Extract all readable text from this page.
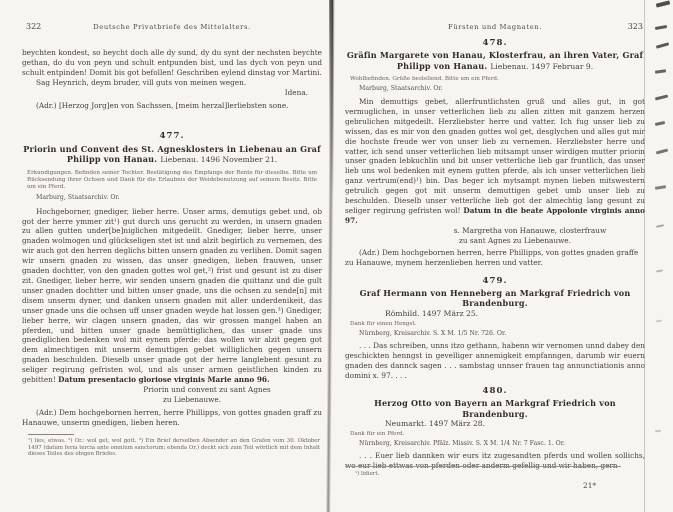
322	Deutsche Privatbriefe des Mittelalters.

beychten kondest, so beycht doch alle dy sund, dy du synt der nechsten beychte gethan, do du von peyn und schult entpunden bist, und las dych von peyn und schult entpinden! Domit bis got befollen! Geschriben eylend dinstag vor Martini.

Sag Heynrich, deym bruder, vill guts von meinen wegen.

Idena.

(Adr.) [Herzog Jorg]en von Sachssen, [meim herzal]lerliebsten sone.

477.

Priorin und Convent des St. Agnesklosters in Liebenau an Graf Philipp von Hanau. Liebenau. 1496 November 21.

Erkundigungen. Befinden seiner Tochter. Bestätigung des Empfangs der Rente für dieselbe. Bitte um Rücksendung ihrer Ochsen und Dank für die Erlaubnis der Weidebenutzung auf seinem Besitz. Bitte um ein Pferd.

Marburg, Staatsarchiv. Or.

Hochgeborner, gnediger, lieber herre. Unser arms, demutigs gebet und, ob got der herre ymmer zit¹) gut durch uns gerucht zu werden, in unsern gnaden zu allen gutten under[be]niglichen mitgedeilt. Gnediger, lieber herre, unser gnaden wolmogen und glückseligen stet ist und alzit begirlich zu vernemen, des wir auch got den herren deglichs bitten unsern gnaden zu verlihen. Domit sagen wir unsern gnaden zu wissen, das unser gnedigen, lieben frauwen, unser gnaden dochtter, von den gnaden gottes wol get,²) frist und gesunt ist zu diser zit. Gnediger, lieber herre, wir senden unsern gnaden die quittanz und die gult unser gnaden dochtter und bitten unser gnade, uns die ochsen zu sende[n] mit disem unserm dyner, und danken unsern gnaden mit aller underdenikeit, das unser gnade uns die ochsen uff unser gnaden weyde hat lossen gen.³) Gnediger, lieber herre, wir clagen unsern gnaden, das wir grossen mangel haben an pferden, und bitten unser gnade bemüttiglichen, das unser gnade uns gnediglichen bedenken wol mit eynem pferde: das wollen wir alzit gegen got dem almechtigen mit unserm demuttigen gebet williglichen gegen unsern gnaden beschulden. Dieselb unser gnade got der herre langlebent gesunt zu seliger regirung gefristen wol, und als unser armen geistlichen kinden zu gebitten! Datum presentacio gloriose virginis Marie anno 96.

Priorin und convent zu sant Agnes

zu Liebenauwe.

(Adr.) Dem hochgebornen herren, herre Phillipps, von gottes gnaden graff zu Hanauwe, unserm gnedigen, lieben heren.

¹) lies, etwas. ²) Or.: wol get, wol gott. ³) Ein Brief derselben Absender an den Grafen vom 30. Oktober 1497 (datum feria tercia ante omnium sanctorum; ebenda Or.) deckt sich zum Teil wörtlich mit dem Inhalt dieses Teiles des obigen Briefes.

Fürsten und Magnaten.	323

478.

Gräfin Margarete von Hanau, Klosterfrau, an ihren Vater, Graf Philipp von Hanau. Liebenau. 1497 Februar 9.

Wohlbefinden. Grüße bestellend. Bitte um ein Pferd.

Marburg, Staatsarchiv. Or.

Min demuttigs gebet, allerfruntlichsten gruß und alles gut, in got vermuglichen, in unser vetterlichen lieb zu allen zitten mit ganzem herzen gebrulichen mitgedeilt. Herzliebster herre und vatter. Ich fug unser lieb zu wissen, das es mir von den gnaden gottes wol get, desglychen und alles gut mir die hochste freude wer von unser lieb zu vernemen. Herzliebster herre und vatter, ich send unser vetterlichen lieb mitsampt unser wirdigen mutter priorin unser gnaden lebkuchlin und bit unser vetterliche lieb gar fruntlich, das unser lieb uns wol bedenken mit eynem gutten pferde, als ich unser vetterlichen lieb ganz vertrum(end)¹) bin. Das beger ich mytsampt mynen lieben mitswestern getrulich gegen got mit unserm demuttigen gebet umb unser lieb zu beschulden. Dieselb unser vetterliche lieb got der almechtig lang gesunt zu seliger regirung gefristen wol! Datum in die beate Appolonie virginis anno 97.

s. Margretha von Hanauwe, closterfrauw

zu sant Agnes zu Liebenauwe.

(Adr.) Dem hochgebornen herren, herre Phillipps, von gottes gnaden graffe zu Hanauwe, mynem herzenlieben herren und vatter.

479.

Graf Hermann von Henneberg an Markgraf Friedrich von Brandenburg.

Römhild. 1497 März 25.

Dank für einen Hengst.

Nürnberg, Kreisarchiv. S. X M. 1/5 Nr. 726. Or.

. . . Das schreiben, unns itzo gethann, habenn wir vernomen unnd dabey den geschickten henngst in gevelliger annemigkeit empfanngen, darumb wir euern gnaden des dannck sagen . . . sambstag unnser frauen tag annunctiationis anno domini x. 97. . . .

480.

Herzog Otto von Bayern an Markgraf Friedrich von Brandenburg.

Neumarkt. 1497 März 28.

Dank für ein Pferd.

Nürnberg, Kreisarchiv. Pfälz. Missiv. S. X M. 1/4 Nr. 7 Fasc. 1. Or.

. . . Euer lieb dannken wir eurs itz zugesandten pferds und wollen sollichs, wo eur lieb ettwas von pferden oder anderm gefellig und wir haben, gern

¹) lidiert.

21*
